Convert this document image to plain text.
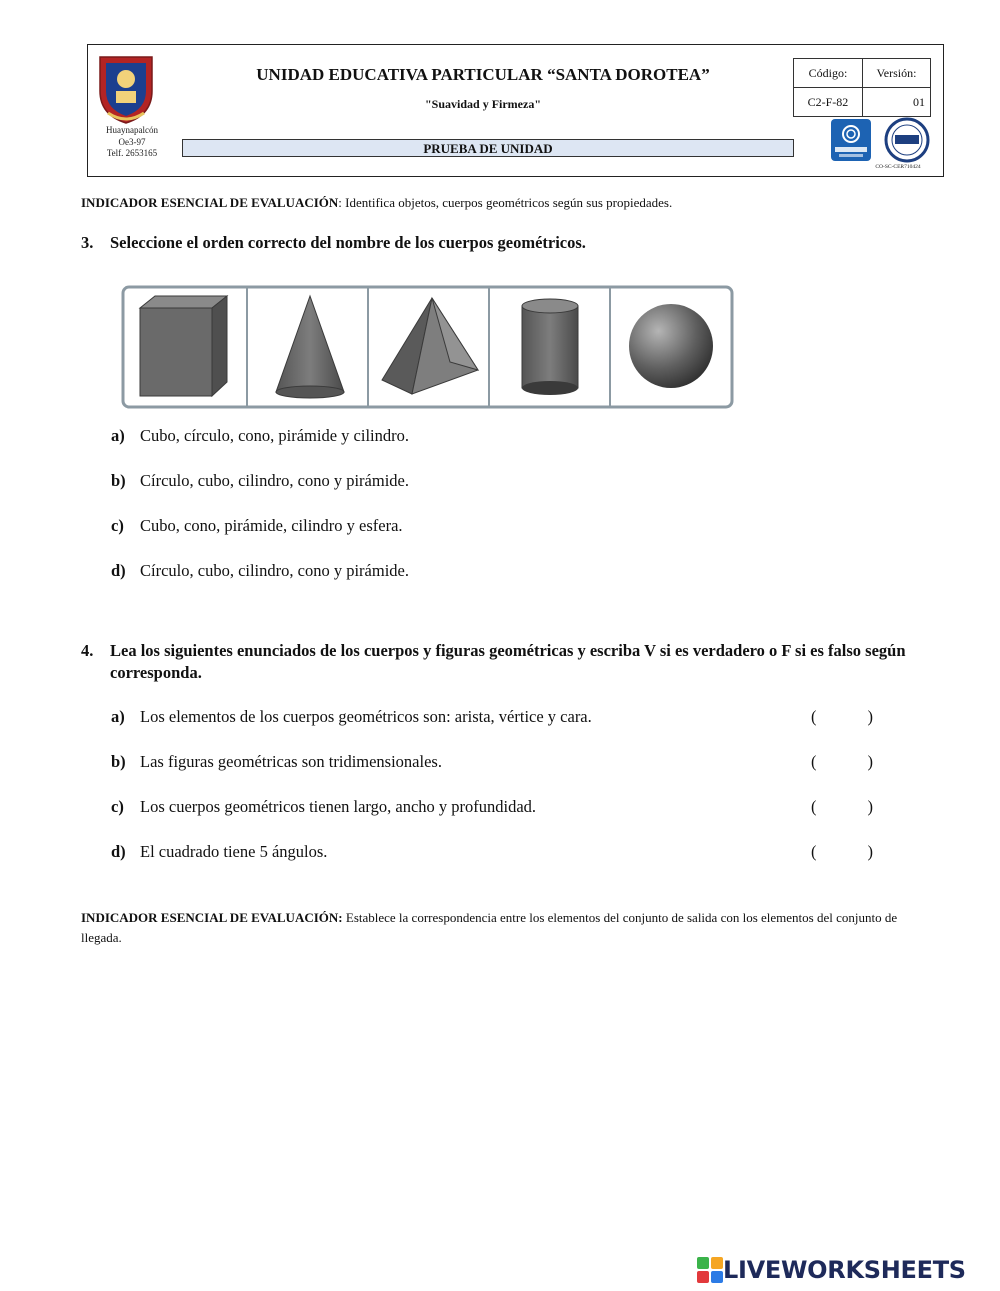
Huaynapalcón
Oe3-97
Telf. 2653165
UNIDAD EDUCATIVA PARTICULAR “SANTA DOROTEA”
"Suavidad y Firmeza"
PRUEBA DE UNIDAD
Código:	Versión:
C2-F-82	01
CO-SC-CER710424
INDICADOR ESENCIAL DE EVALUACIÓN: Identifica objetos, cuerpos geométricos según sus propiedades.
3. Seleccione el orden correcto del nombre de los cuerpos geométricos.
a) Cubo, círculo, cono, pirámide y cilindro.
b) Círculo, cubo, cilindro, cono y pirámide.
c) Cubo, cono, pirámide, cilindro y esfera.
d) Círculo, cubo, cilindro, cono y pirámide.
4.	Lea los siguientes enunciados de los cuerpos y figuras geométricas y escriba V si es verdadero o F si es falso según corresponda.
a) Los elementos de los cuerpos geométricos son: arista, vértice y cara.	(	)
b) Las figuras geométricas son tridimensionales.	(	)
c) Los cuerpos geométricos tienen largo, ancho y profundidad.	(	)
d) El cuadrado tiene 5 ángulos.	(	)
INDICADOR ESENCIAL DE EVALUACIÓN: Establece la correspondencia entre los elementos del conjunto de salida con los elementos del conjunto de llegada.
LIVEWORKSHEETS
